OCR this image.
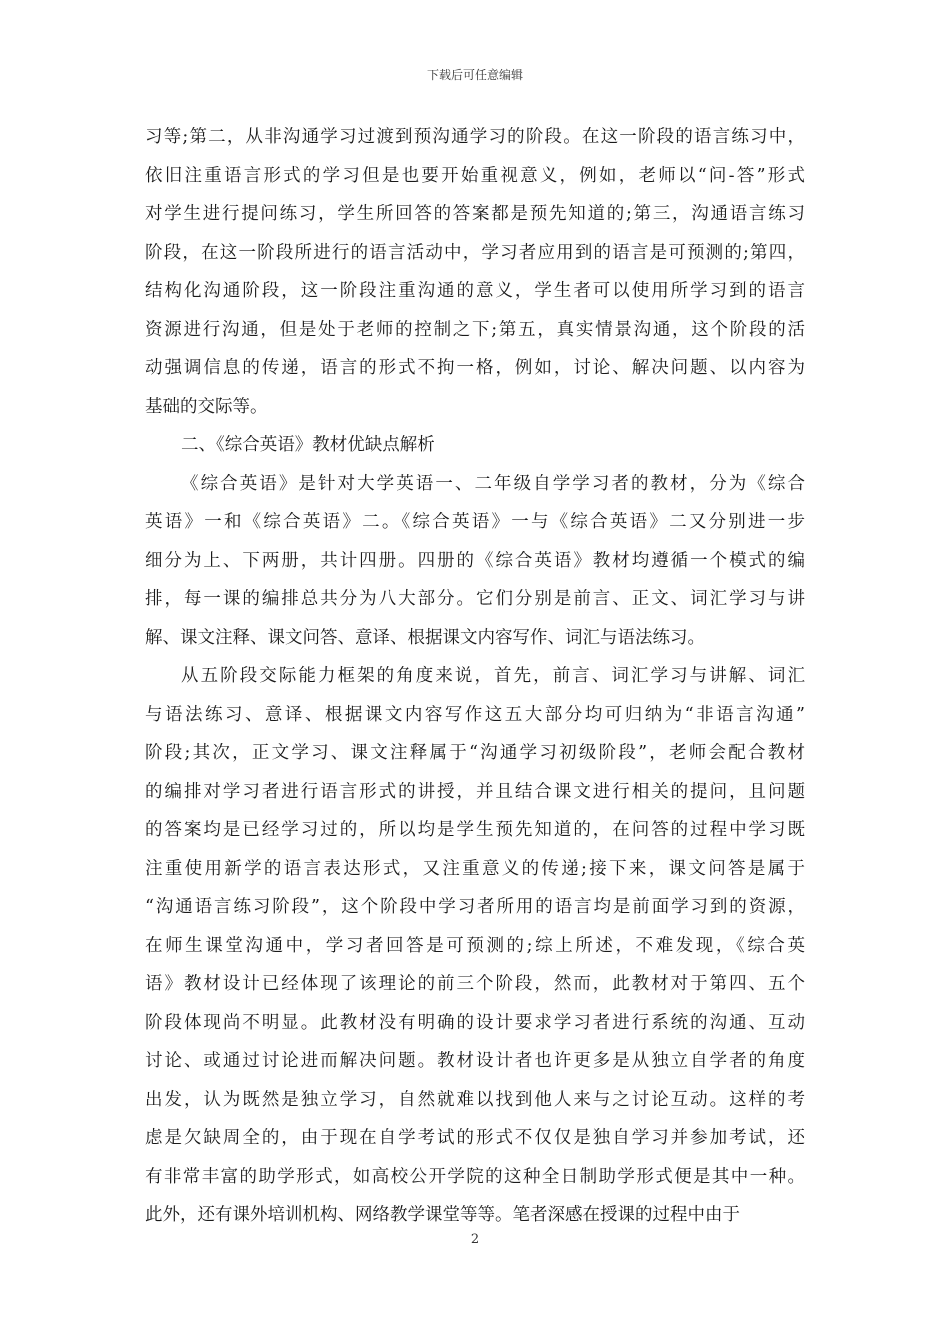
下载后可任意编辑
习等;第二，从非沟通学习过渡到预沟通学习的阶段。在这一阶段的语言练习中，
依旧注重语言形式的学习但是也要开始重视意义，例如，老师以“问-答”形式
对学生进行提问练习，学生所回答的答案都是预先知道的;第三，沟通语言练习
阶段，在这一阶段所进行的语言活动中，学习者应用到的语言是可预测的;第四，
结构化沟通阶段，这一阶段注重沟通的意义，学生者可以使用所学习到的语言
资源进行沟通，但是处于老师的控制之下;第五，真实情景沟通，这个阶段的活
动强调信息的传递，语言的形式不拘一格，例如，讨论、解决问题、以内容为
基础的交际等。
二、《综合英语》教材优缺点解析
《综合英语》是针对大学英语一、二年级自学学习者的教材，分为《综合
英语》一和《综合英语》二。《综合英语》一与《综合英语》二又分别进一步
细分为上、下两册，共计四册。四册的《综合英语》教材均遵循一个模式的编
排，每一课的编排总共分为八大部分。它们分别是前言、正文、词汇学习与讲
解、课文注释、课文问答、意译、根据课文内容写作、词汇与语法练习。
从五阶段交际能力框架的角度来说，首先，前言、词汇学习与讲解、词汇
与语法练习、意译、根据课文内容写作这五大部分均可归纳为“非语言沟通”
阶段;其次，正文学习、课文注释属于“沟通学习初级阶段”，老师会配合教材
的编排对学习者进行语言形式的讲授，并且结合课文进行相关的提问，且问题
的答案均是已经学习过的，所以均是学生预先知道的，在问答的过程中学习既
注重使用新学的语言表达形式，又注重意义的传递;接下来，课文问答是属于
“沟通语言练习阶段”，这个阶段中学习者所用的语言均是前面学习到的资源，
在师生课堂沟通中，学习者回答是可预测的;综上所述，不难发现，《综合英
语》教材设计已经体现了该理论的前三个阶段，然而，此教材对于第四、五个
阶段体现尚不明显。此教材没有明确的设计要求学习者进行系统的沟通、互动
讨论、或通过讨论进而解决问题。教材设计者也许更多是从独立自学者的角度
出发，认为既然是独立学习，自然就难以找到他人来与之讨论互动。这样的考
虑是欠缺周全的，由于现在自学考试的形式不仅仅是独自学习并参加考试，还
有非常丰富的助学形式，如高校公开学院的这种全日制助学形式便是其中一种。
此外，还有课外培训机构、网络教学课堂等等。笔者深感在授课的过程中由于
2
